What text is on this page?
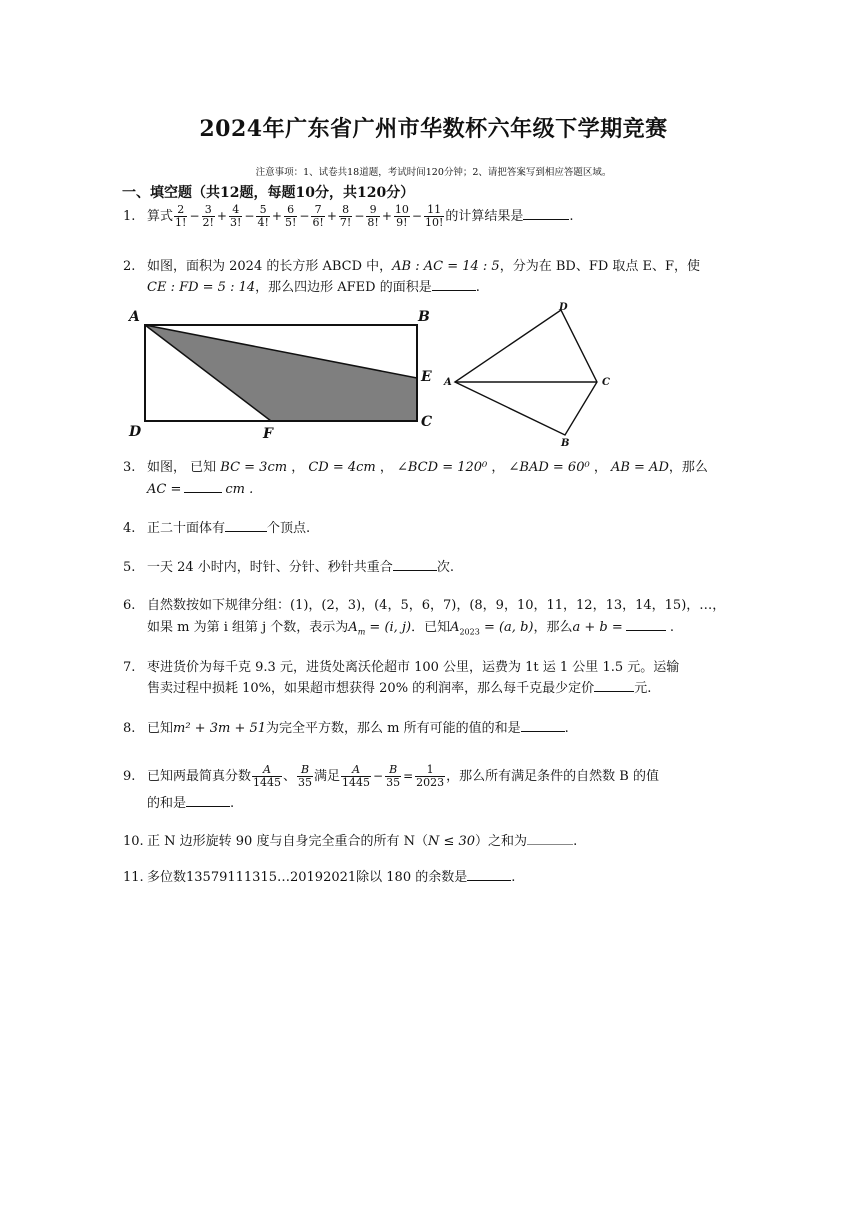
2024年广东省广州市华数杯六年级下学期竞赛
注意事项：1、试卷共18道题，考试时间120分钟；2、请把答案写到相应答题区域。
一、填空题（共12题，每题10分，共120分）
1. 算式 $\frac{2}{1!} - \frac{3}{2!} + \frac{4}{3!} - \frac{5}{4!} + \frac{6}{5!} - \frac{7}{6!} + \frac{8}{7!} - \frac{9}{8!} + \frac{10}{9!} - \frac{11}{10!}$ 的计算结果是	.
2. 如图，面积为 2024 的长方形 ABCD 中，AB : AC = 14 : 5，分为在 BD、FD 取点 E、F，使
CE : FD = 5 : 14，那么四边形 AFED 的面积是	.
A	B
E
C
D	F
A
D
C
B
3. 如图， 已知 BC = 3cm ， CD = 4cm ， ∠BCD = 120⁰ ， ∠BAD = 60⁰ ， AB = AD，那么
AC =	cm .
4. 正二十面体有	个顶点.
5. 一天 24 小时内，时针、分针、秒针共重合	次.
6. 自然数按如下规律分组：(1)，(2，3)，(4，5，6，7)，(8，9，10，11，12，13，14，15)，…，
如果 m 为第 i 组第 j 个数，表示为$A_m = (i$, j)．已知$A_{2023} = (a$, b)，那么a + b =	.
7. 枣进货价为每千克 9.3 元，进货处离沃伦超市 100 公里，运费为 1t 运 1 公里 1.5 元。运输
售卖过程中损耗 10%，如果超市想获得 20% 的利润率，那么每千克最少定价	元.
8. 已知m² + 3m + 51为完全平方数，那么 m 所有可能的值的和是	.
9. 已知两最简真分数 $\frac{A}{1445}$ 、 $\frac{B}{35}$ 满足 $\frac{A}{1445} - \frac{B}{35} = \frac{1}{2023}$ ，那么所有满足条件的自然数 B 的值
的和是	.
10. 正 N 边形旋转 90 度与自身完全重合的所有 N（N ≤ 30）之和为	.
11. 多位数13579111315…20192021除以 180 的余数是	.
